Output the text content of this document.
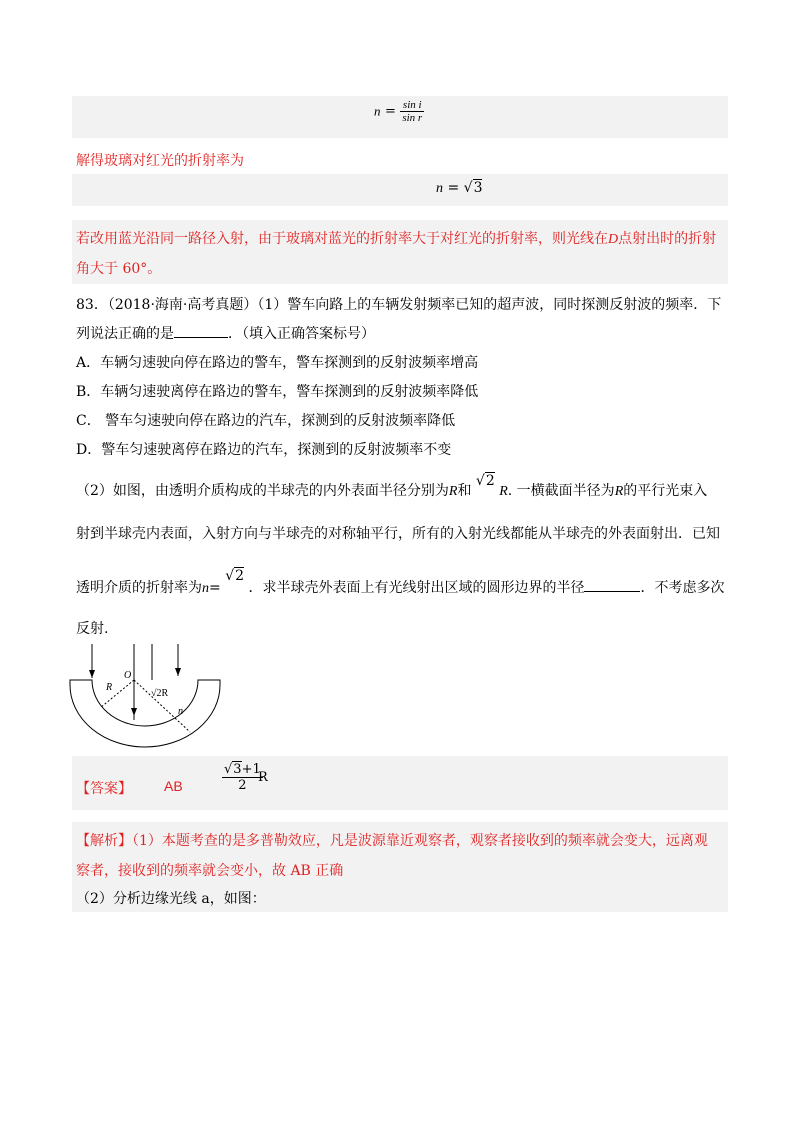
$n = \frac{\text{sin i}}{\text{sin r}}$
解得玻璃对红光的折射率为
n = √3
若改用蓝光沿同一路径入射，由于玻璃对蓝光的折射率大于对红光的折射率，则光线在D点射出时的折射
角大于 60°。
83．（2018·海南·高考真题）（1）警车向路上的车辆发射频率已知的超声波，同时探测反射波的频率．下
列说法正确的是	．（填入正确答案标号）
A．车辆匀速驶向停在路边的警车，警车探测到的反射波频率增高
B．车辆匀速驶离停在路边的警车，警车探测到的反射波频率降低
C． 警车匀速驶向停在路边的汽车，探测到的反射波频率降低
D．警车匀速驶离停在路边的汽车，探测到的反射波频率不变
（2）如图，由透明介质构成的半球壳的内外表面半径分别为R和 √2 R. 一横截面半径为R的平行光束入
射到半球壳内表面，入射方向与半球壳的对称轴平行，所有的入射光线都能从半球壳的外表面射出．已知
透明介质的折射率为n= √2 ．求半球壳外表面上有光线射出区域的圆形边界的半径	．不考虑多次
反射.
O
R
√2R
n
【答案】 AB	$\frac{√3+1}{2}$
R
【解析】（1）本题考查的是多普勒效应，凡是波源靠近观察者，观察者接收到的频率就会变大，远离观
察者，接收到的频率就会变小，故 AB 正确
（2）分析边缘光线 a，如图：
